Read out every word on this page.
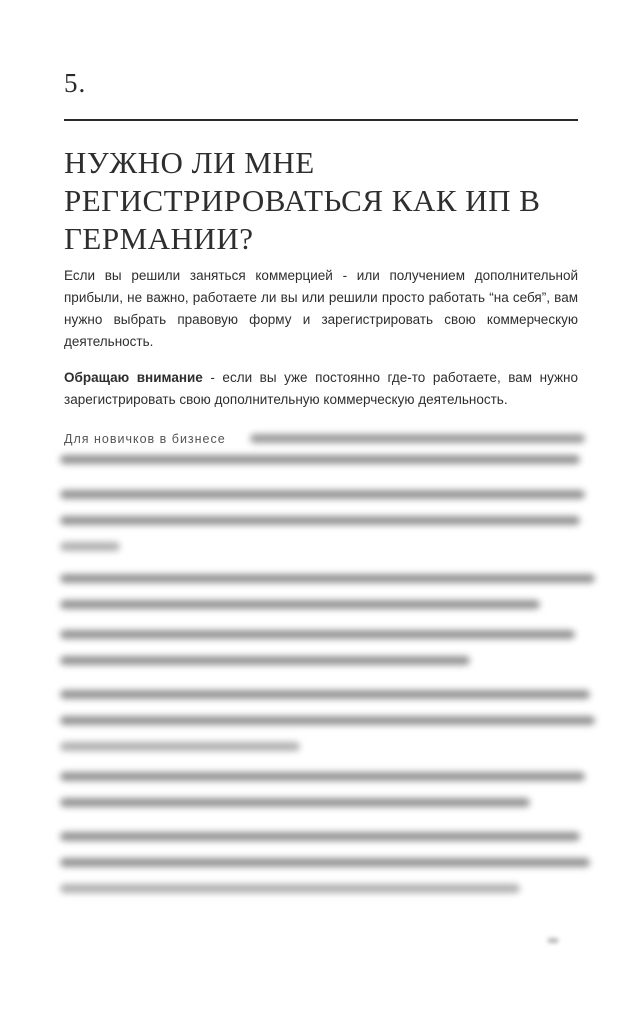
5.
НУЖНО ЛИ МНЕ
РЕГИСТРИРОВАТЬСЯ КАК ИП В
ГЕРМАНИИ?

Если вы решили заняться коммерцией - или получением дополнительной прибыли, не важно, работаете ли вы или решили просто работать “на себя”, вам нужно выбрать правовую форму и зарегистрировать свою коммерческую деятельность.

Обращаю внимание - если вы уже постоянно где-то работаете, вам нужно зарегистрировать свою дополнительную коммерческую деятельность.

Для новичков в бизнесе
